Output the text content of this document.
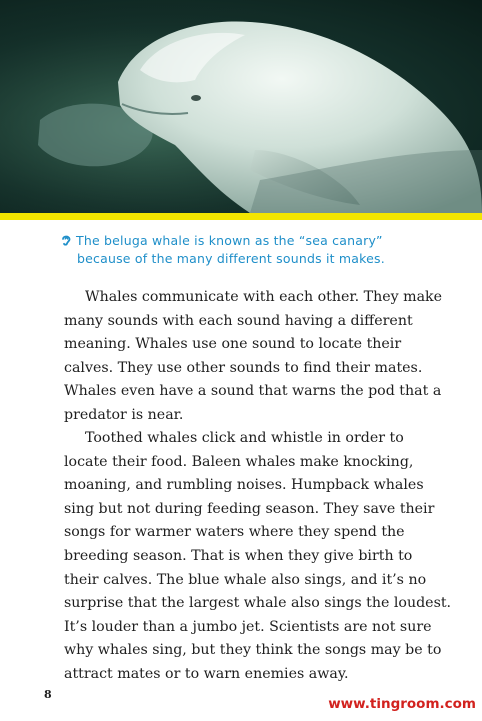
The beluga whale is known as the “sea canary”
because of the many different sounds it makes.
Whales communicate with each other. They make
many sounds with each sound having a different
meaning. Whales use one sound to locate their
calves. They use other sounds to find their mates.
Whales even have a sound that warns the pod that a
predator is near.
Toothed whales click and whistle in order to
locate their food. Baleen whales make knocking,
moaning, and rumbling noises. Humpback whales
sing but not during feeding season. They save their
songs for warmer waters where they spend the
breeding season. That is when they give birth to
their calves. The blue whale also sings, and it’s no
surprise that the largest whale also sings the loudest.
It’s louder than a jumbo jet. Scientists are not sure
why whales sing, but they think the songs may be to
attract mates or to warn enemies away.
8
www.tingroom.com
